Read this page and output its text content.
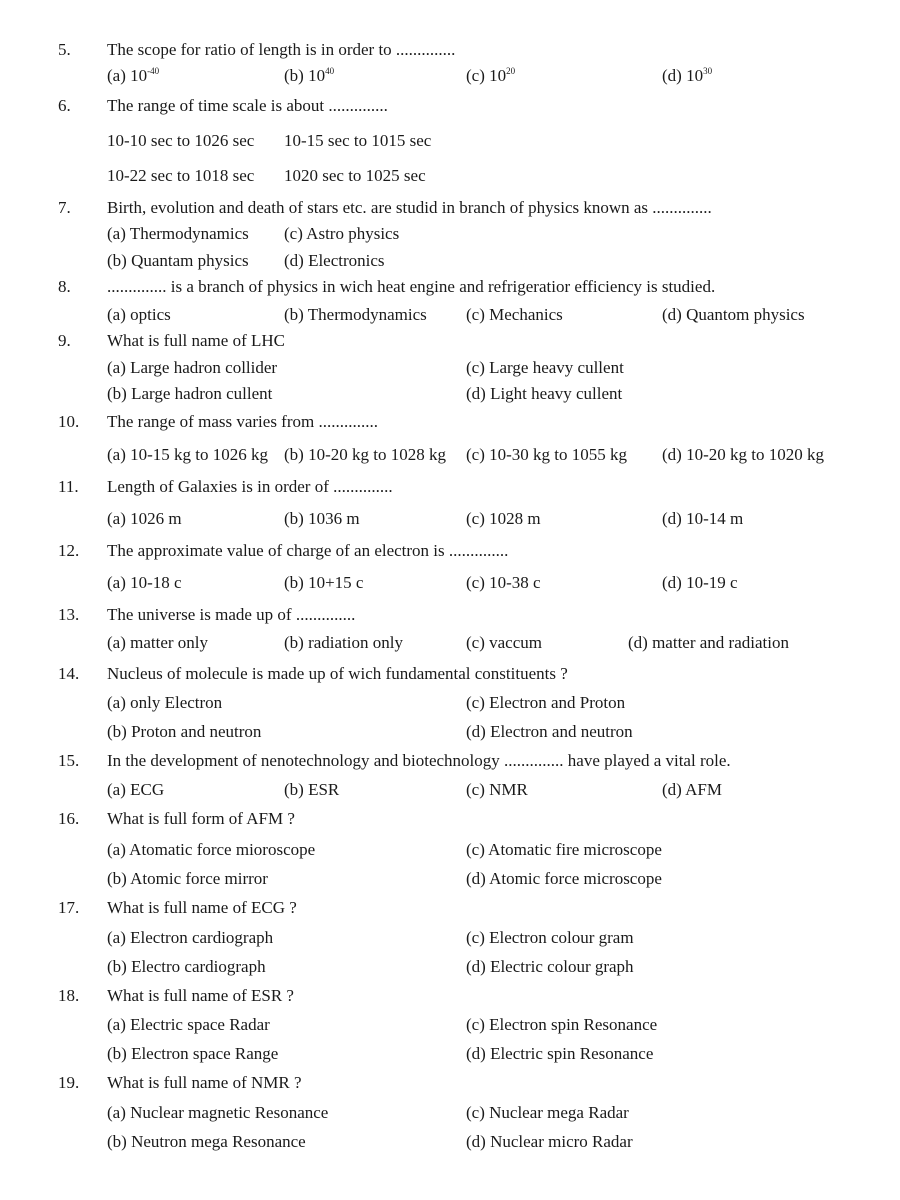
5. The scope for ratio of length is in order to ..............
(a) $10^{-40}$	(b) $10^{40}$	(c) $10^{20}$	(d) $10^{30}$
6. The range of time scale is about ..............
10-10 sec to 1026 sec 10-15 sec to 1015 sec
10-22 sec to 1018 sec 1020 sec to 1025 sec
7. Birth, evolution and death of stars etc. are studid in branch of physics known as ..............
(a) Thermodynamics (c) Astro physics
(b) Quantam physics (d) Electronics
8. .............. is a branch of physics in wich heat engine and refrigeratior efficiency is studied.
(a) optics	(b) Thermodynamics (c) Mechanics	(d) Quantom physics
9. What is full name of LHC
(a) Large hadron collider	(c) Large heavy cullent
(b) Large hadron cullent	(d) Light heavy cullent
10. The range of mass varies from ..............
(a) 10-15 kg to 1026 kg (b) 10-20 kg to 1028 kg (c) 10-30 kg to 1055 kg (d) 10-20 kg to 1020 kg
11. Length of Galaxies is in order of ..............
(a) 1026 m	(b) 1036 m	(c) 1028 m	(d) 10-14 m
12. The approximate value of charge of an electron is ..............
(a) 10-18 c	(b) 10+15 c	(c) 10-38 c	(d) 10-19 c
13. The universe is made up of ..............
(a) matter only	(b) radiation only	(c) vaccum	(d) matter and radiation
14. Nucleus of molecule is made up of wich fundamental constituents ?
(a) only Electron	(c) Electron and Proton
(b) Proton and neutron	(d) Electron and neutron
15. In the development of nenotechnology and biotechnology .............. have played a vital role.
(a) ECG	(b) ESR	(c) NMR	(d) AFM
16. What is full form of AFM ?
(a) Atomatic force mioroscope	(c) Atomatic fire microscope
(b) Atomic force mirror	(d) Atomic force microscope
17. What is full name of ECG ?
(a) Electron cardiograph	(c) Electron colour gram
(b) Electro cardiograph	(d) Electric colour graph
18. What is full name of ESR ?
(a) Electric space Radar	(c) Electron spin Resonance
(b) Electron space Range	(d) Electric spin Resonance
19. What is full name of NMR ?
(a) Nuclear magnetic Resonance	(c) Nuclear mega Radar
(b) Neutron mega Resonance	(d) Nuclear micro Radar
